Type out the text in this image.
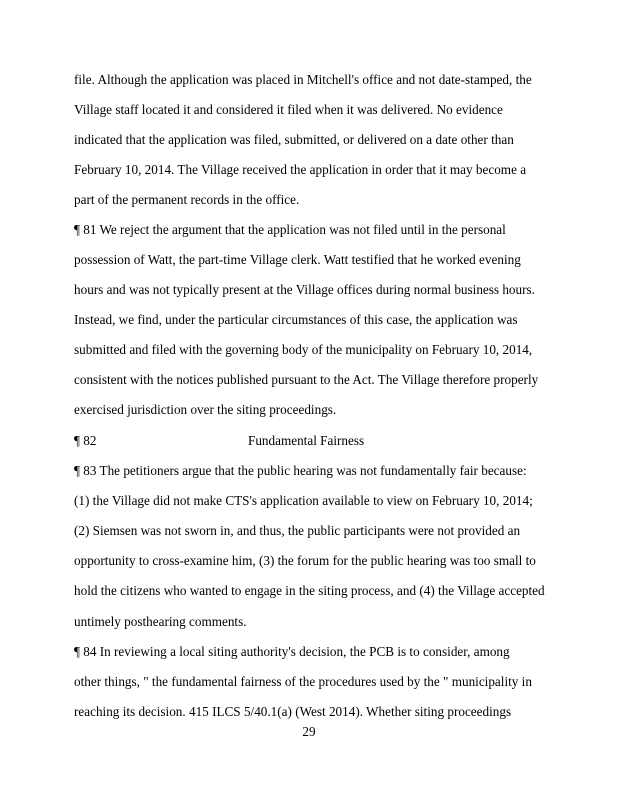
file. Although the application was placed in Mitchell's office and not date-stamped, the

Village staff located it and considered it filed when it was delivered. No evidence

indicated that the application was filed, submitted, or delivered on a date other than

February 10, 2014. The Village received the application in order that it may become a

part of the permanent records in the office.

¶ 81 We reject the argument that the application was not filed until in the personal

possession of Watt, the part-time Village clerk. Watt testified that he worked evening

hours and was not typically present at the Village offices during normal business hours.

Instead, we find, under the particular circumstances of this case, the application was

submitted and filed with the governing body of the municipality on February 10, 2014,

consistent with the notices published pursuant to the Act. The Village therefore properly

exercised jurisdiction over the siting proceedings.

¶ 82	Fundamental Fairness

¶ 83 The petitioners argue that the public hearing was not fundamentally fair because:

(1) the Village did not make CTS's application available to view on February 10, 2014;

(2) Siemsen was not sworn in, and thus, the public participants were not provided an

opportunity to cross-examine him, (3) the forum for the public hearing was too small to

hold the citizens who wanted to engage in the siting process, and (4) the Village accepted

untimely posthearing comments.

¶ 84 In reviewing a local siting authority's decision, the PCB is to consider, among

other things, " the fundamental fairness of the procedures used by the " municipality in

reaching its decision. 415 ILCS 5/40.1(a) (West 2014). Whether siting proceedings

29
